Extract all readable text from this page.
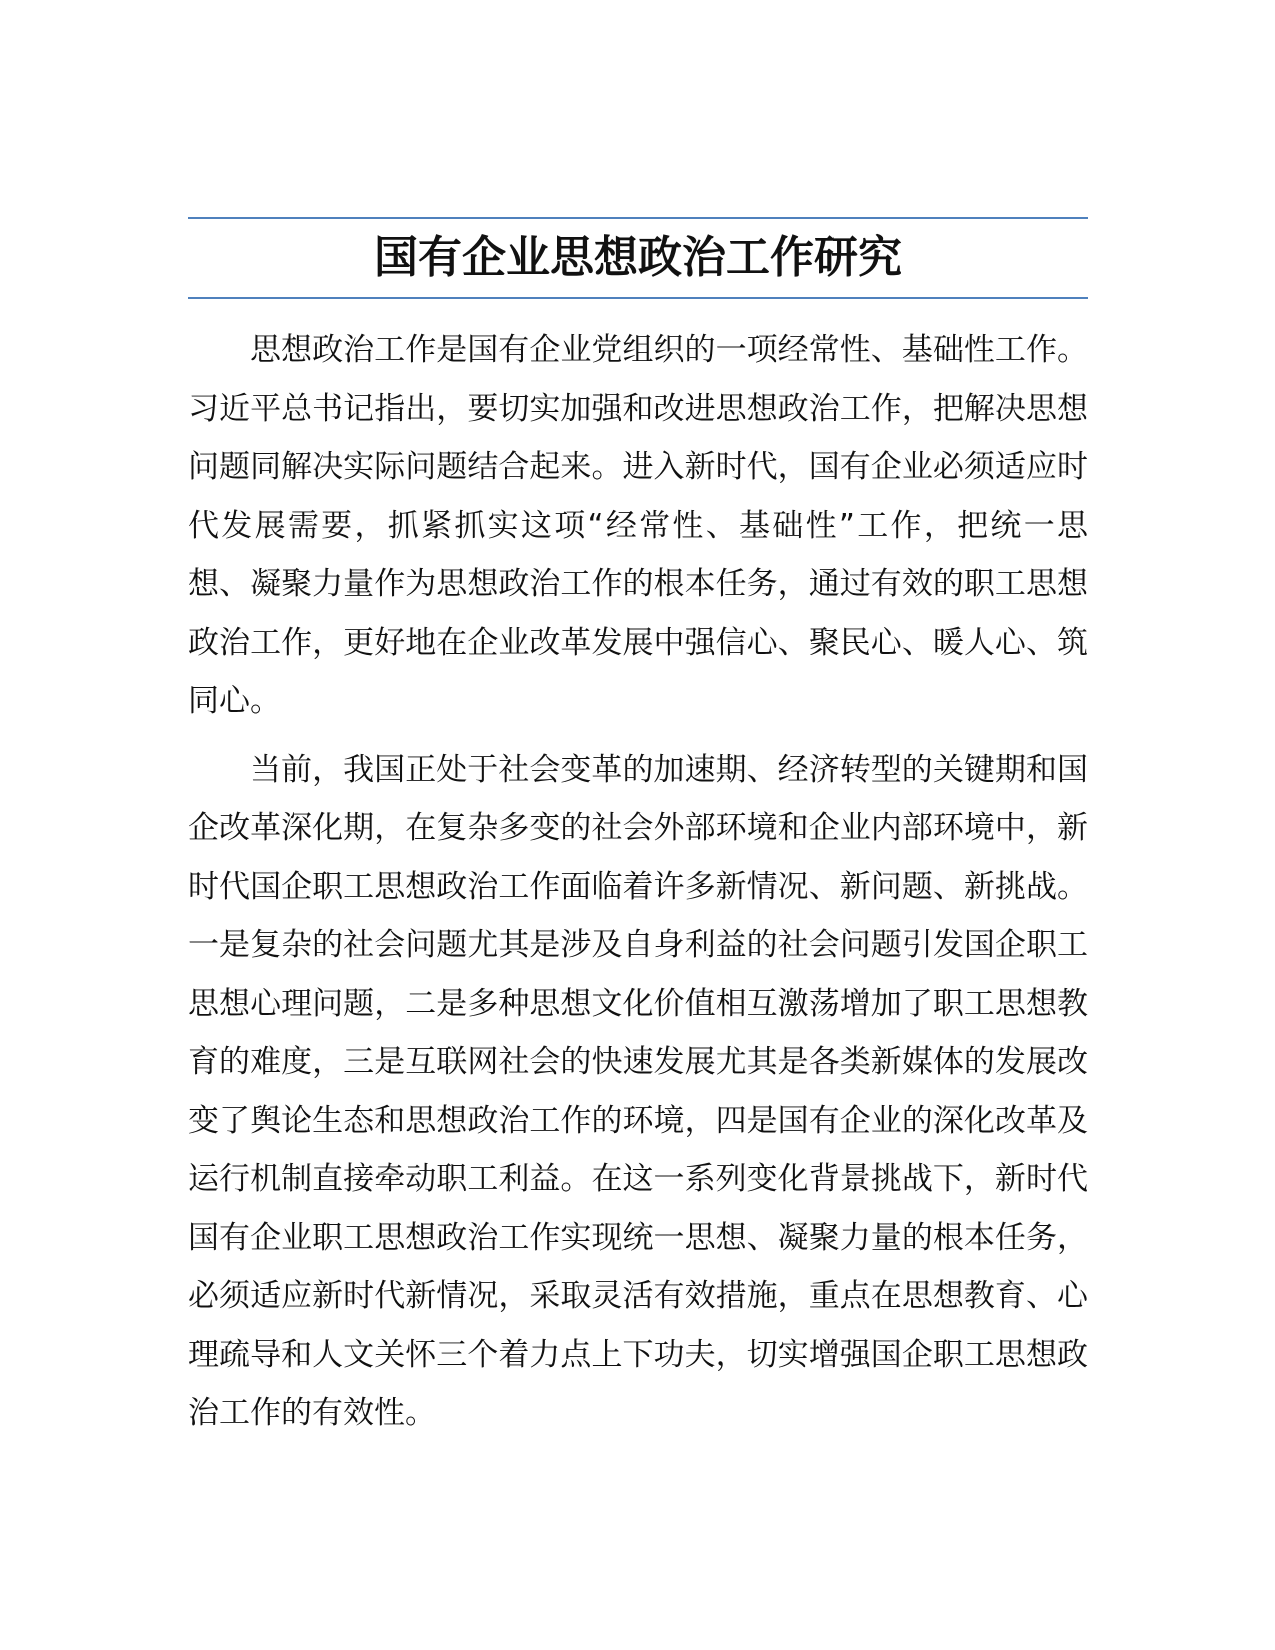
国有企业思想政治工作研究

思想政治工作是国有企业党组织的一项经常性、基础性工作。习近平总书记指出，要切实加强和改进思想政治工作，把解决思想问题同解决实际问题结合起来。进入新时代，国有企业必须适应时代发展需要，抓紧抓实这项“经常性、基础性”工作，把统一思想、凝聚力量作为思想政治工作的根本任务，通过有效的职工思想政治工作，更好地在企业改革发展中强信心、聚民心、暖人心、筑同心。

当前，我国正处于社会变革的加速期、经济转型的关键期和国企改革深化期，在复杂多变的社会外部环境和企业内部环境中，新时代国企职工思想政治工作面临着许多新情况、新问题、新挑战。一是复杂的社会问题尤其是涉及自身利益的社会问题引发国企职工思想心理问题，二是多种思想文化价值相互激荡增加了职工思想教育的难度，三是互联网社会的快速发展尤其是各类新媒体的发展改变了舆论生态和思想政治工作的环境，四是国有企业的深化改革及运行机制直接牵动职工利益。在这一系列变化背景挑战下，新时代国有企业职工思想政治工作实现统一思想、凝聚力量的根本任务，必须适应新时代新情况，采取灵活有效措施，重点在思想教育、心理疏导和人文关怀三个着力点上下功夫，切实增强国企职工思想政治工作的有效性。
